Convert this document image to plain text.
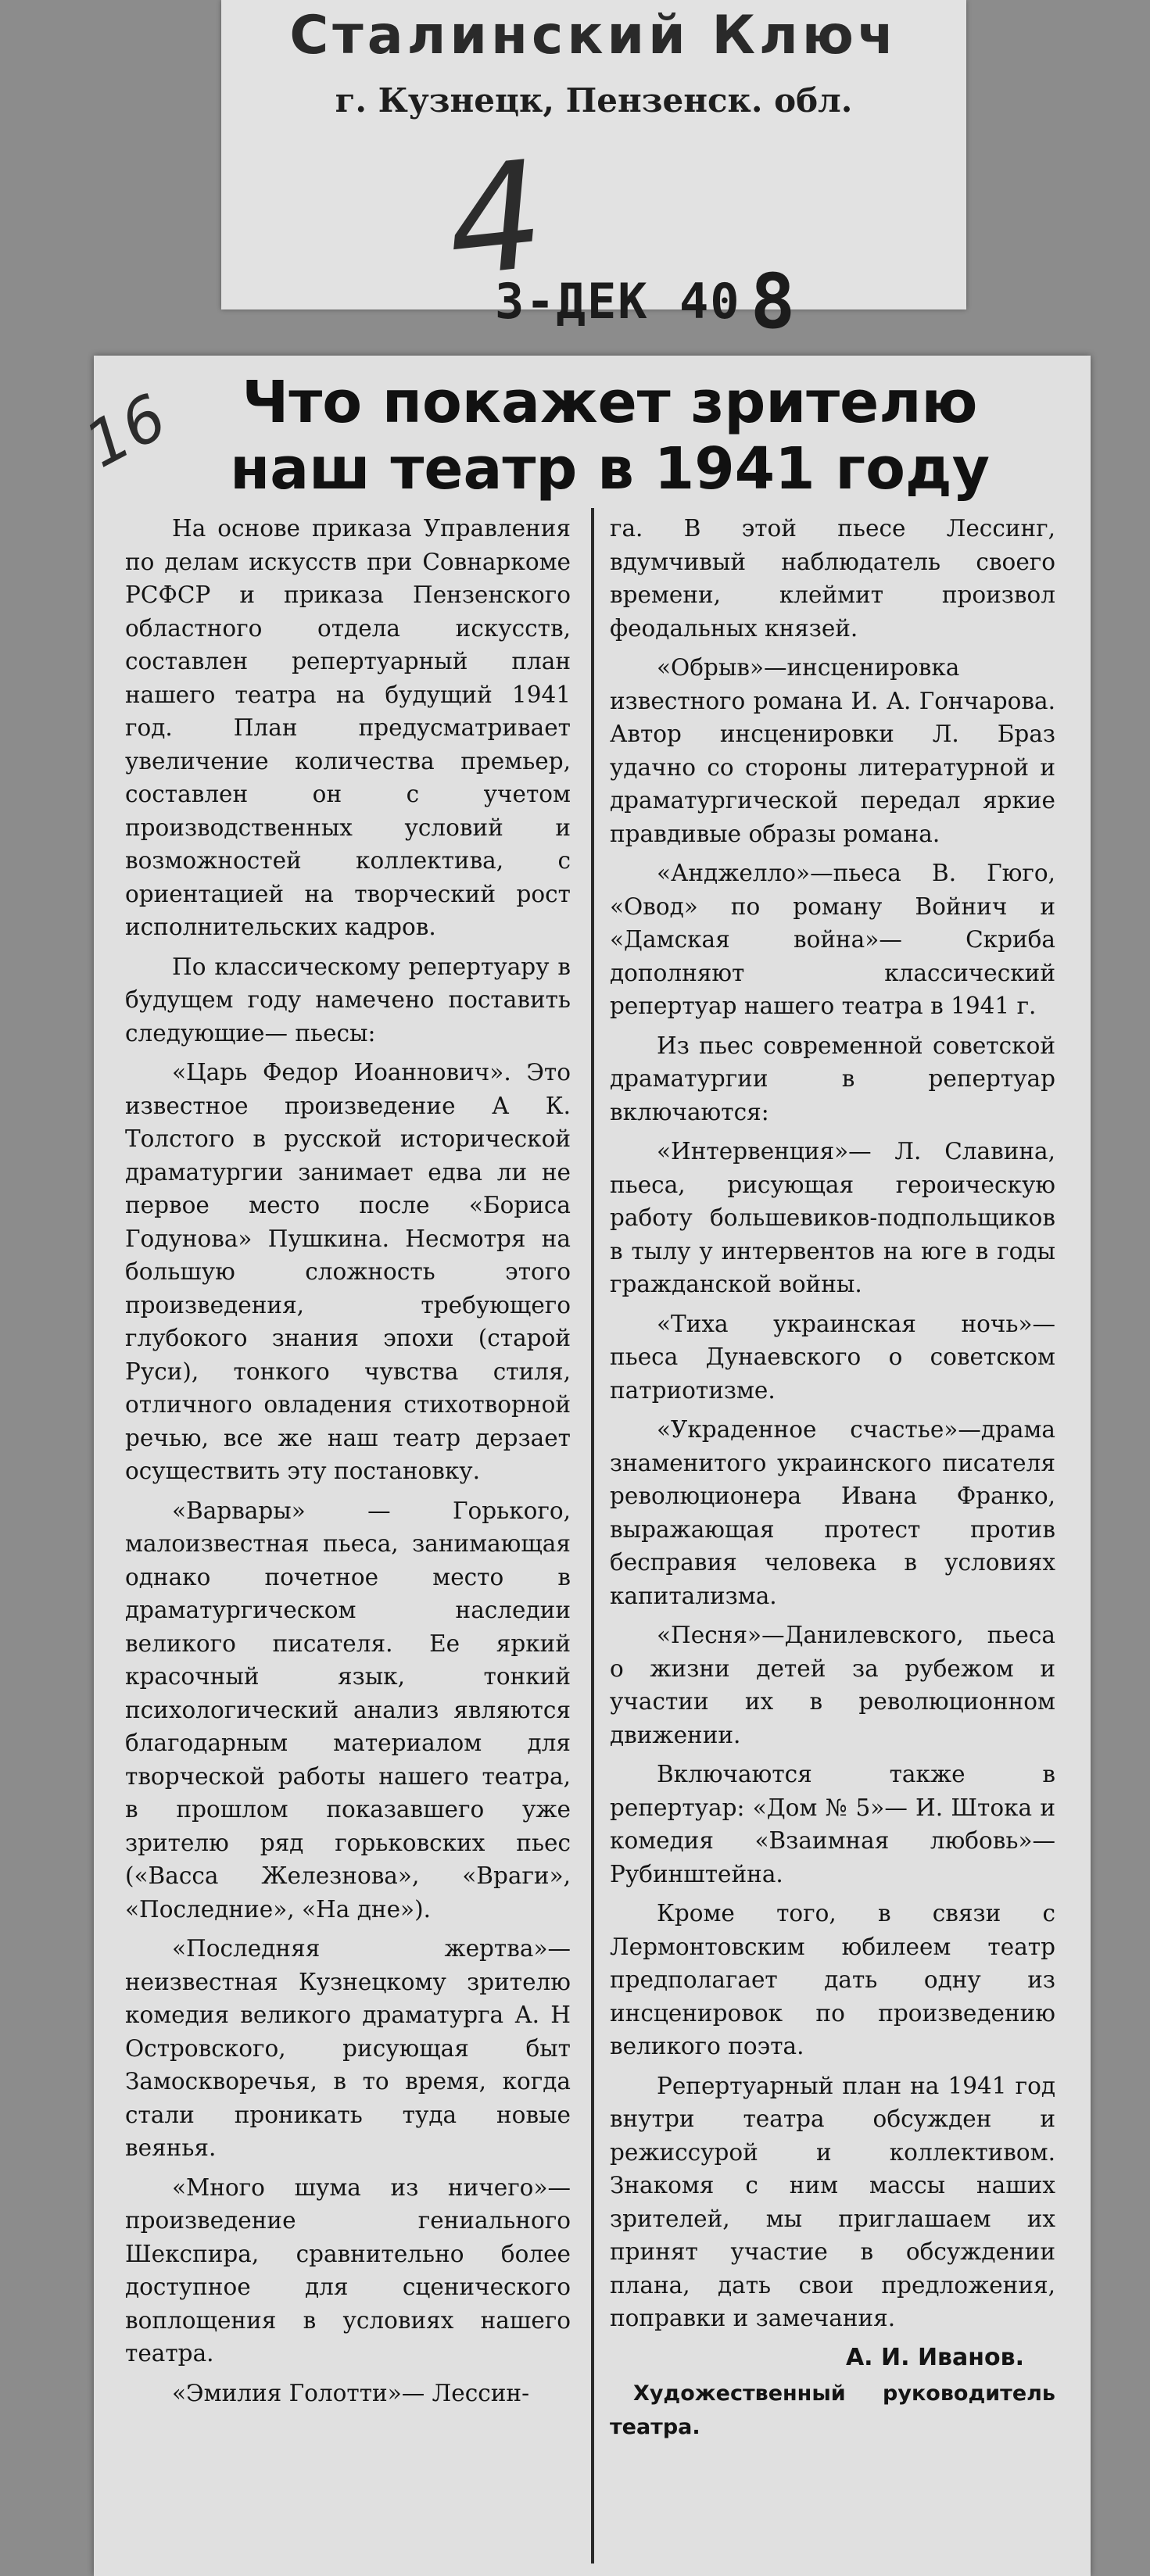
Сталинский Ключ
г. Кузнецк, Пензенск. обл.
4
3-ДЕК 40 8
16	Что покажет зрителю
наш театр в 1941 году

На основе приказа Управления по делам искусств при Совнаркоме РСФСР и приказа Пензенского областного отдела искусств, составлен репертуарный план нашего театра на будущий 1941 год. План предусматривает увеличение количества премьер, составлен он с учетом производственных условий и возможностей коллектива, с ориентацией на творческий рост исполнительских кадров.

По классическому репертуару в будущем году намечено поставить следующие— пьесы:

«Царь Федор Иоаннович». Это известное произведение А К. Толстого в русской исторической драматургии занимает едва ли не первое место после «Бориса Годунова» Пушкина. Несмотря на большую сложность этого произведения, требующего глубокого знания эпохи (старой Руси), тонкого чувства стиля, отличного овладения стихотворной речью, все же наш театр дерзает осуществить эту постановку.

«Варвары» — Горького, малоизвестная пьеса, занимающая однако почетное место в драматургическом наследии великого писателя. Ее яркий красочный язык, тонкий психологический анализ являются благодарным материалом для творческой работы нашего театра, в прошлом показавшего уже зрителю ряд горьковских пьес («Васса Железнова», «Враги», «Последние», «На дне»).

«Последняя жертва»—неизвестная Кузнецкому зрителю комедия великого драматурга А. Н Островского, рисующая быт Замоскворечья, в то время, когда стали проникать туда новые веянья.

«Много шума из ничего»— произведение гениального Шекспира, сравнительно более доступное для сценического воплощения в условиях нашего театра.

«Эмилия Голотти»— Лесcин-

га. В этой пьесе Лессинг, вдумчивый наблюдатель своего времени, клеймит произвол феодальных князей.

«Обрыв»—инсценировка известного романа И. А. Гончарова. Автор инсценировки Л. Браз удачно со стороны литературной и драматургической передал яркие правдивые образы романа.

«Анджелло»—пьеса В. Гюго, «Овод» по роману Войнич и «Дамская война»— Скриба дополняют классический репертуар нашего театра в 1941 г.

Из пьес современной советской драматургии в репертуар включаются:

«Интервенция»— Л. Славина, пьеса, рисующая героическую работу большевиков-подпольщиков в тылу у интервентов на юге в годы гражданской войны.

«Тиха украинская ночь»— пьеса Дунаевского о советском патриотизме.

«Украденное счастье»—драма знаменитого украинского писателя революционера Ивана Франко, выражающая протест против бесправия человека в условиях капитализма.

«Песня»—Данилевского, пьеса о жизни детей за рубежом и участии их в революционном движении.

Включаются также в репертуар: «Дом № 5»— И. Штока и комедия «Взаимная любовь»— Рубинштейна.

Кроме того, в связи с Лермонтовским юбилеем театр предполагает дать одну из инсценировок по произведению великого поэта.

Репертуарный план на 1941 год внутри театра обсужден и режиссурой и коллективом. Знакомя с ним массы наших зрителей, мы приглашаем их принят участие в обсуждении плана, дать свои предложения, поправки и замечания.

А. И. Иванов.
Художественный руководитель театра.
